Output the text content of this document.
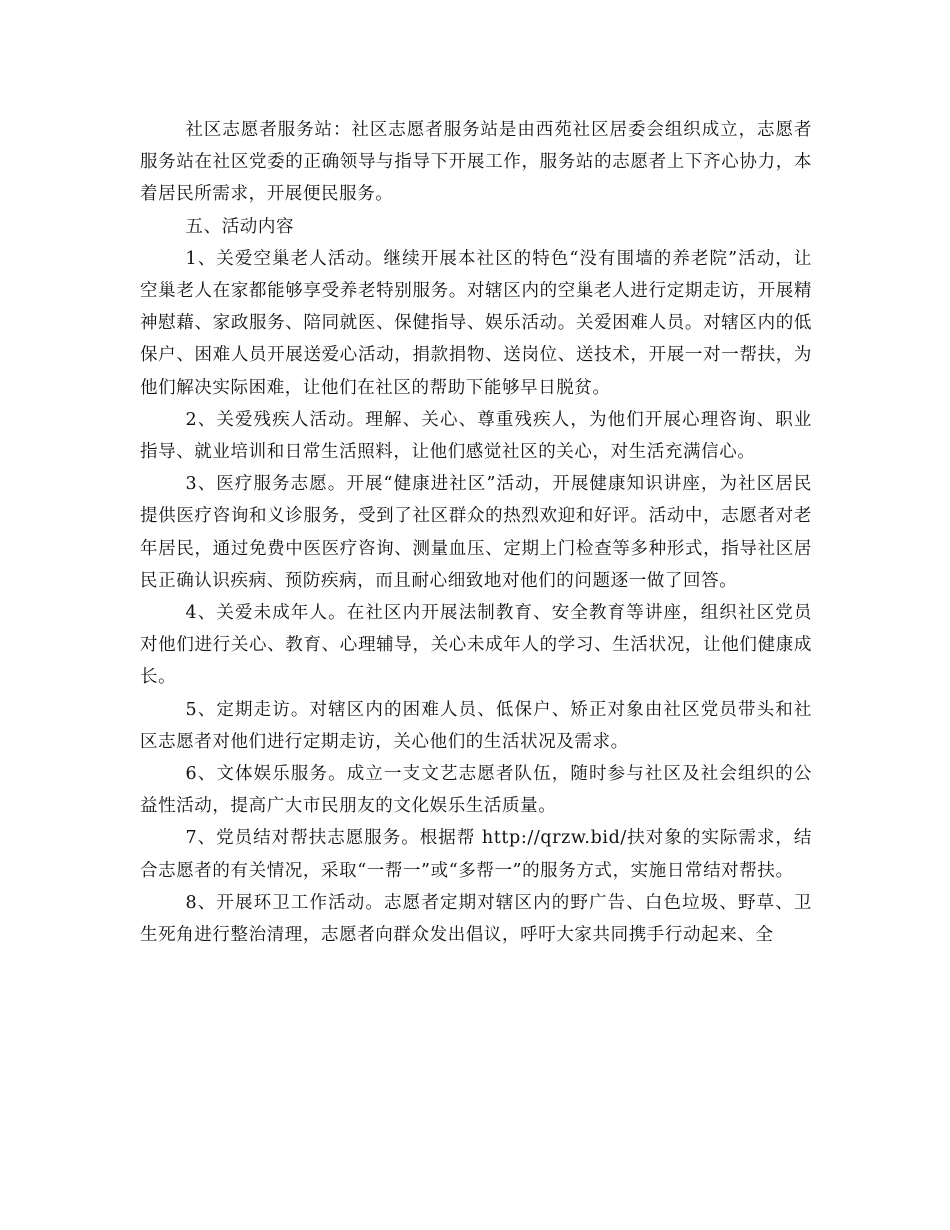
社区志愿者服务站：社区志愿者服务站是由西苑社区居委会组织成立，志愿者服务站在社区党委的正确领导与指导下开展工作，服务站的志愿者上下齐心协力，本着居民所需求，开展便民服务。

五、活动内容

1、关爱空巢老人活动。继续开展本社区的特色“没有围墙的养老院”活动，让空巢老人在家都能够享受养老特别服务。对辖区内的空巢老人进行定期走访，开展精神慰藉、家政服务、陪同就医、保健指导、娱乐活动。关爱困难人员。对辖区内的低保户、困难人员开展送爱心活动，捐款捐物、送岗位、送技术，开展一对一帮扶，为他们解决实际困难，让他们在社区的帮助下能够早日脱贫。

2、关爱残疾人活动。理解、关心、尊重残疾人，为他们开展心理咨询、职业指导、就业培训和日常生活照料，让他们感觉社区的关心，对生活充满信心。

3、医疗服务志愿。开展“健康进社区”活动，开展健康知识讲座，为社区居民提供医疗咨询和义诊服务，受到了社区群众的热烈欢迎和好评。活动中，志愿者对老年居民，通过免费中医医疗咨询、测量血压、定期上门检查等多种形式，指导社区居民正确认识疾病、预防疾病，而且耐心细致地对他们的问题逐一做了回答。

4、关爱未成年人。在社区内开展法制教育、安全教育等讲座，组织社区党员对他们进行关心、教育、心理辅导，关心未成年人的学习、生活状况，让他们健康成长。

5、定期走访。对辖区内的困难人员、低保户、矫正对象由社区党员带头和社区志愿者对他们进行定期走访，关心他们的生活状况及需求。

6、文体娱乐服务。成立一支文艺志愿者队伍，随时参与社区及社会组织的公益性活动，提高广大市民朋友的文化娱乐生活质量。

7、党员结对帮扶志愿服务。根据帮 http://qrzw.bid/扶对象的实际需求，结合志愿者的有关情况，采取“一帮一”或“多帮一”的服务方式，实施日常结对帮扶。

8、开展环卫工作活动。志愿者定期对辖区内的野广告、白色垃圾、野草、卫生死角进行整治清理，志愿者向群众发出倡议，呼吁大家共同携手行动起来、全
